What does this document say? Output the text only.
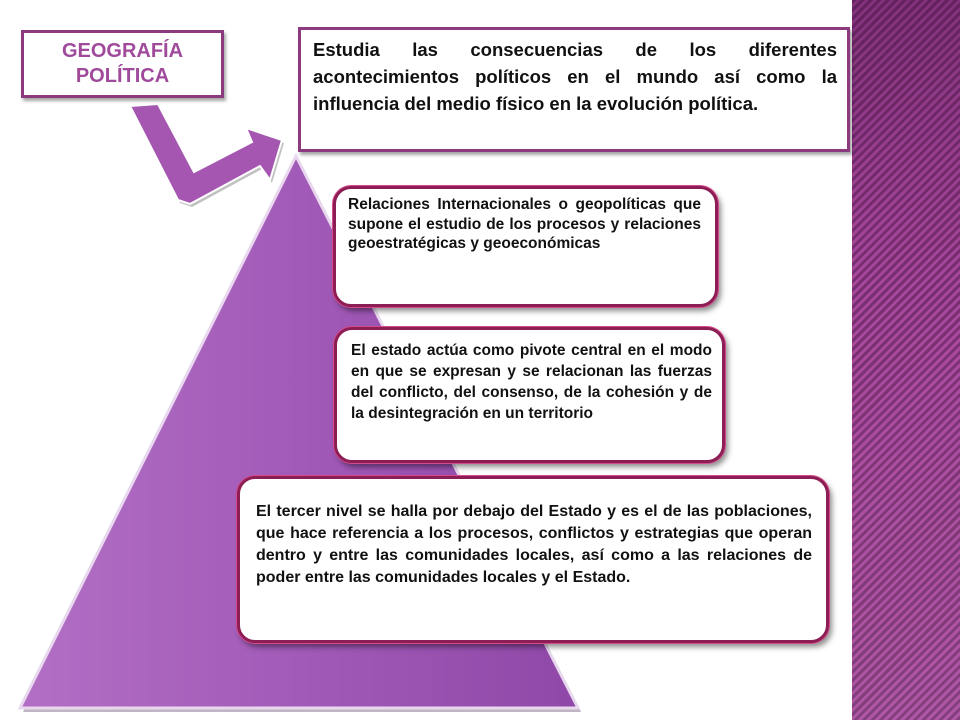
GEOGRAFÍA
POLÍTICA

Estudia las consecuencias de los diferentes acontecimientos políticos en el mundo así como la influencia del medio físico en la evolución política.

Relaciones Internacionales o geopolíticas que supone el estudio de los procesos y relaciones geoestratégicas y geoeconómicas

El estado actúa como pivote central en el modo en que se expresan y se relacionan las fuerzas del conflicto, del consenso, de la cohesión y de la desintegración en un territorio

El tercer nivel se halla por debajo del Estado y es el de las poblaciones, que hace referencia a los procesos, conflictos y estrategias que operan dentro y entre las comunidades locales, así como a las relaciones de poder entre las comunidades locales y el Estado.
